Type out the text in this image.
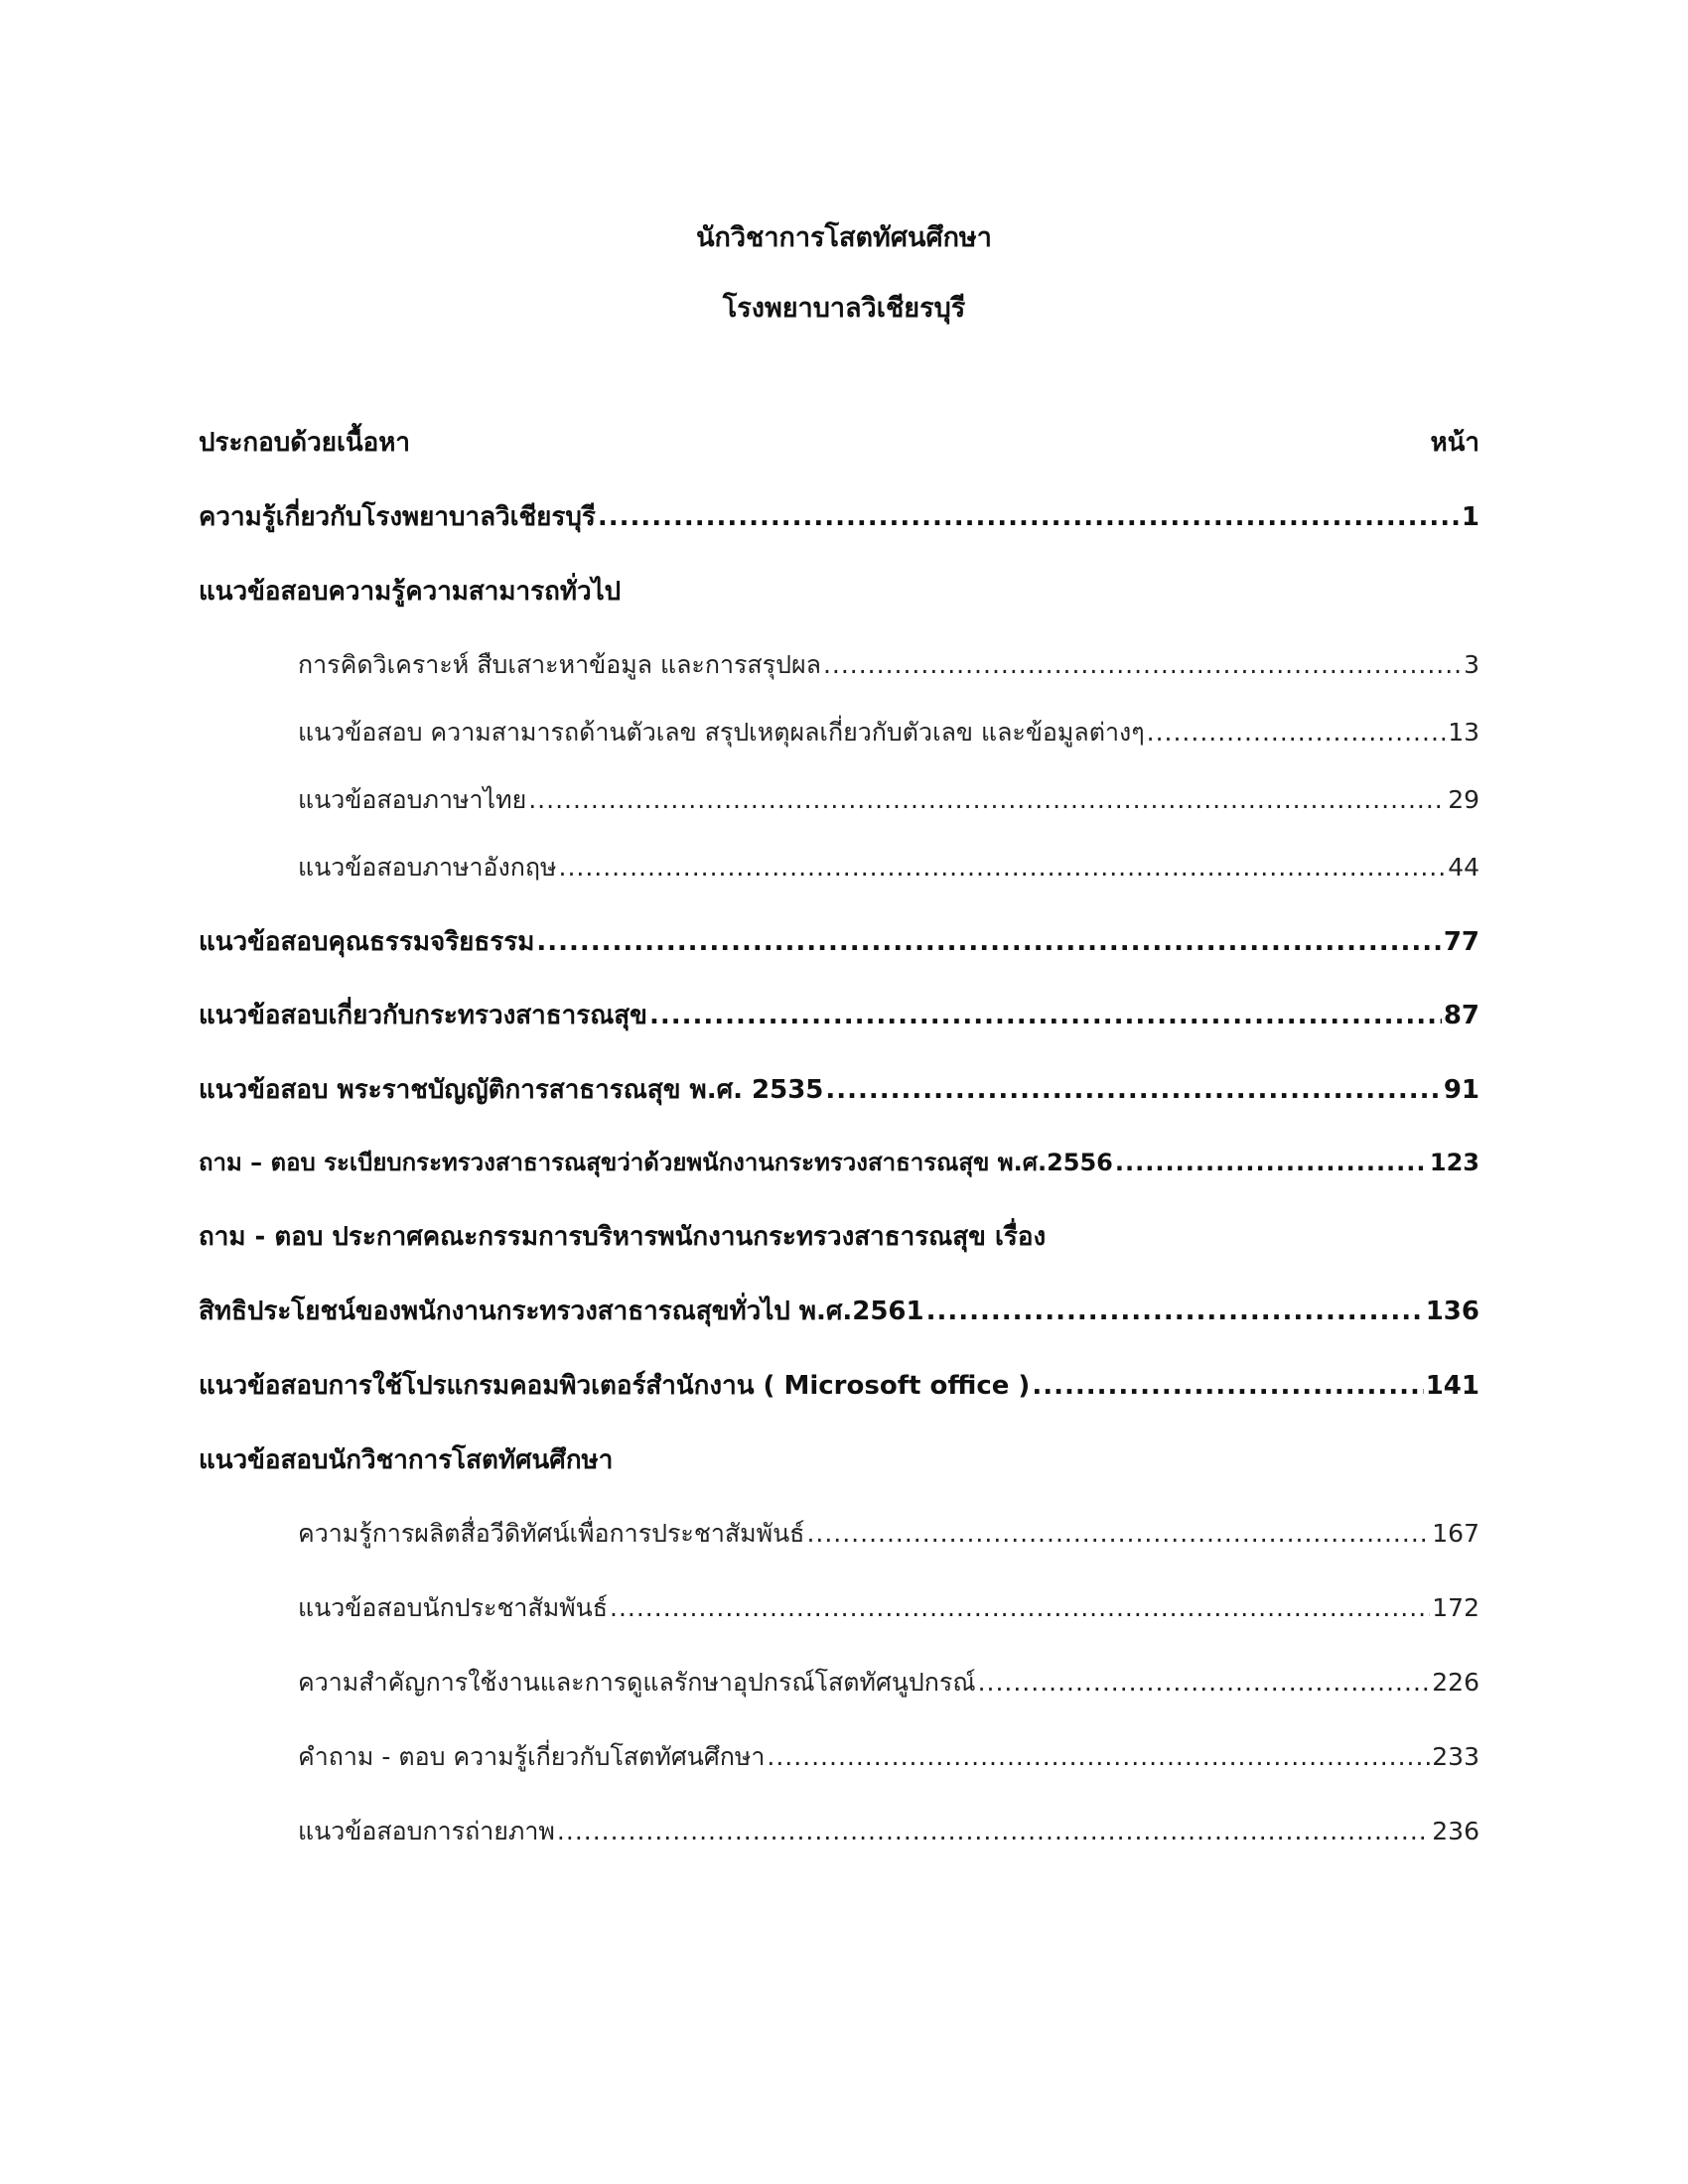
นักวิชาการโสตทัศนศึกษา
โรงพยาบาลวิเชียรบุรี
ประกอบด้วยเนื้อหา	หน้า
ความรู้เกี่ยวกับโรงพยาบาลวิเชียรบุรี .....	1
แนวข้อสอบความรู้ความสามารถทั่วไป
การคิดวิเคราะห์ สืบเสาะหาข้อมูล และการสรุปผล .....	3
แนวข้อสอบ ความสามารถด้านตัวเลข สรุปเหตุผลเกี่ยวกับตัวเลข และข้อมูลต่างๆ .....	13
แนวข้อสอบภาษาไทย .....	29
แนวข้อสอบภาษาอังกฤษ .....	44
แนวข้อสอบคุณธรรมจริยธรรม .....	77
แนวข้อสอบเกี่ยวกับกระทรวงสาธารณสุข .....	87
แนวข้อสอบ พระราชบัญญัติการสาธารณสุข พ.ศ. 2535 .....	91
ถาม – ตอบ ระเบียบกระทรวงสาธารณสุขว่าด้วยพนักงานกระทรวงสาธารณสุข พ.ศ.2556 .....	123
ถาม - ตอบ ประกาศคณะกรรมการบริหารพนักงานกระทรวงสาธารณสุข เรื่อง
สิทธิประโยชน์ของพนักงานกระทรวงสาธารณสุขทั่วไป พ.ศ.2561 .....	136
แนวข้อสอบการใช้โปรแกรมคอมพิวเตอร์สำนักงาน ( Microsoft office ) .....	141
แนวข้อสอบนักวิชาการโสตทัศนศึกษา
ความรู้การผลิตสื่อวีดิทัศน์เพื่อการประชาสัมพันธ์ .....	167
แนวข้อสอบนักประชาสัมพันธ์ .....	172
ความสำคัญการใช้งานและการดูแลรักษาอุปกรณ์โสตทัศนูปกรณ์ .....	226
คำถาม - ตอบ ความรู้เกี่ยวกับโสตทัศนศึกษา .....	233
แนวข้อสอบการถ่ายภาพ .....	236
